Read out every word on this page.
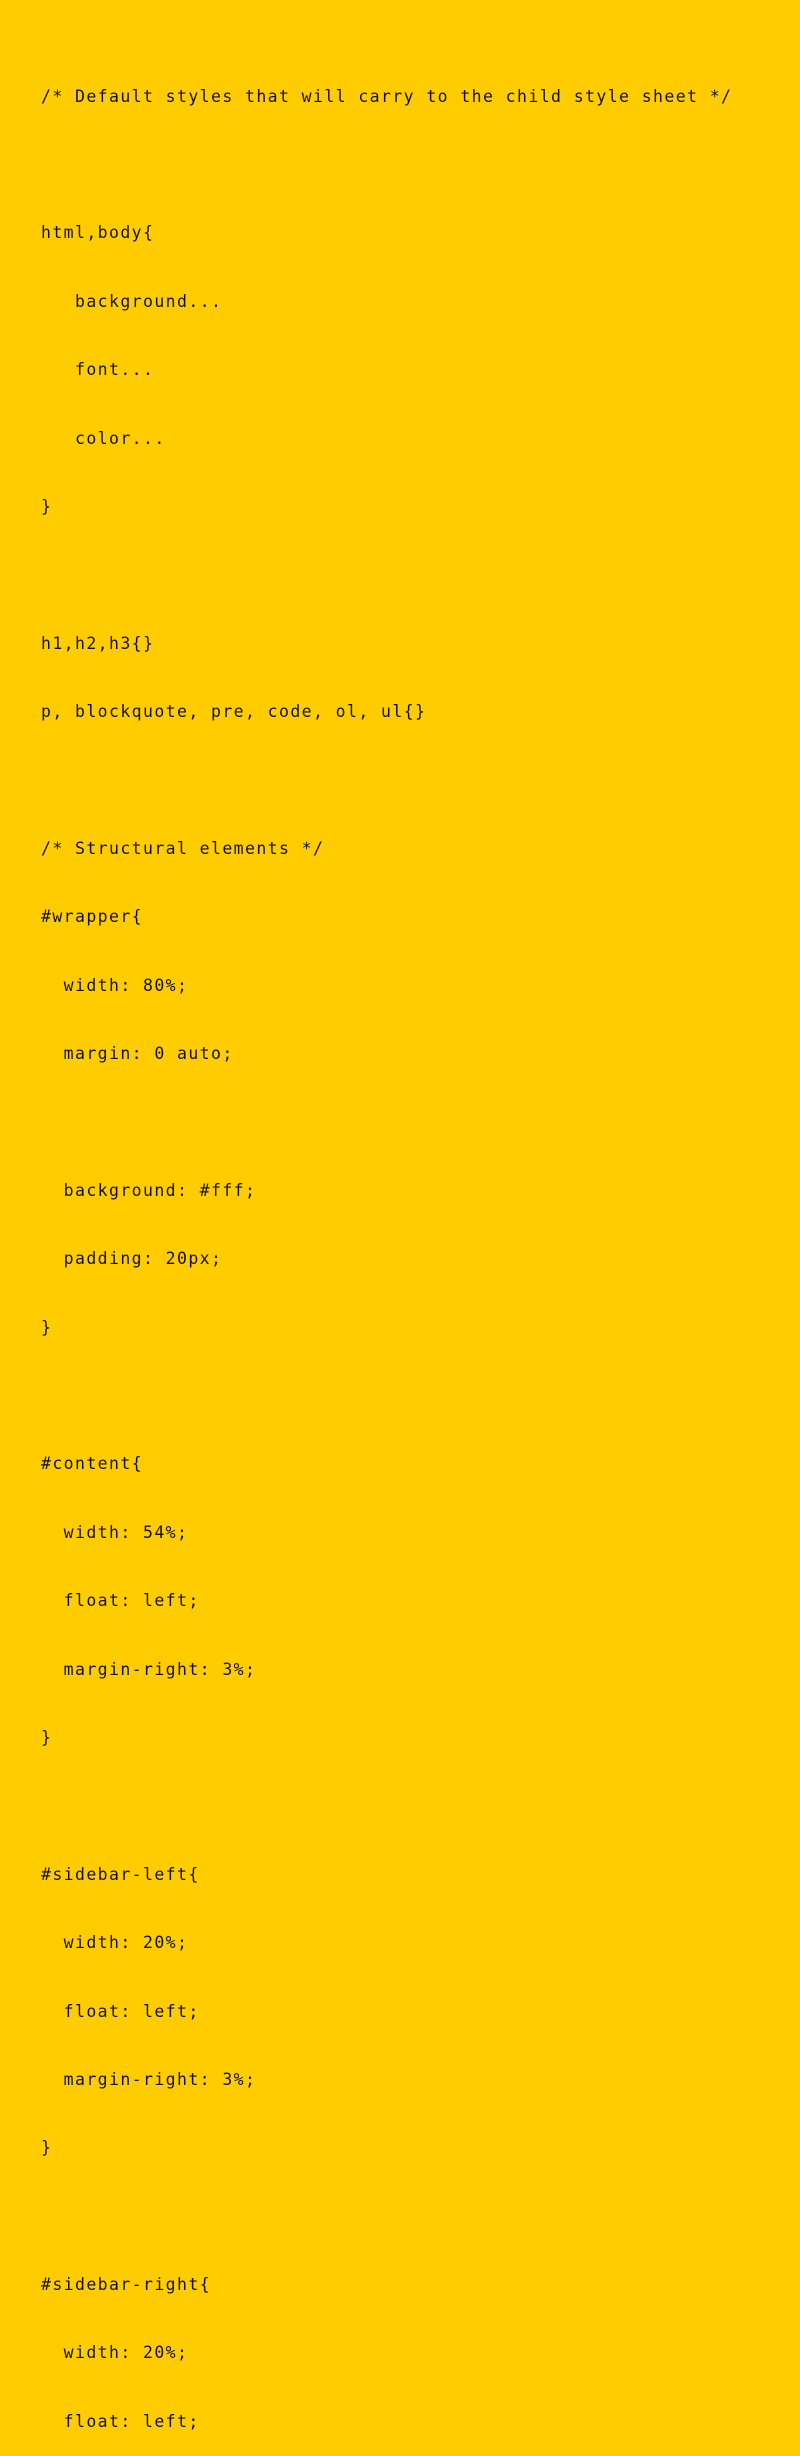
/* Default styles that will carry to the child style sheet */

html,body{

background...

font...

color...

}

h1,h2,h3{}

p, blockquote, pre, code, ol, ul{}

/* Structural elements */

#wrapper{

width: 80%;

margin: 0 auto;

background: #fff;

padding: 20px;

}

#content{

width: 54%;

float: left;

margin-right: 3%;

}

#sidebar-left{

width: 20%;

float: left;

margin-right: 3%;

}

#sidebar-right{

width: 20%;

float: left;
